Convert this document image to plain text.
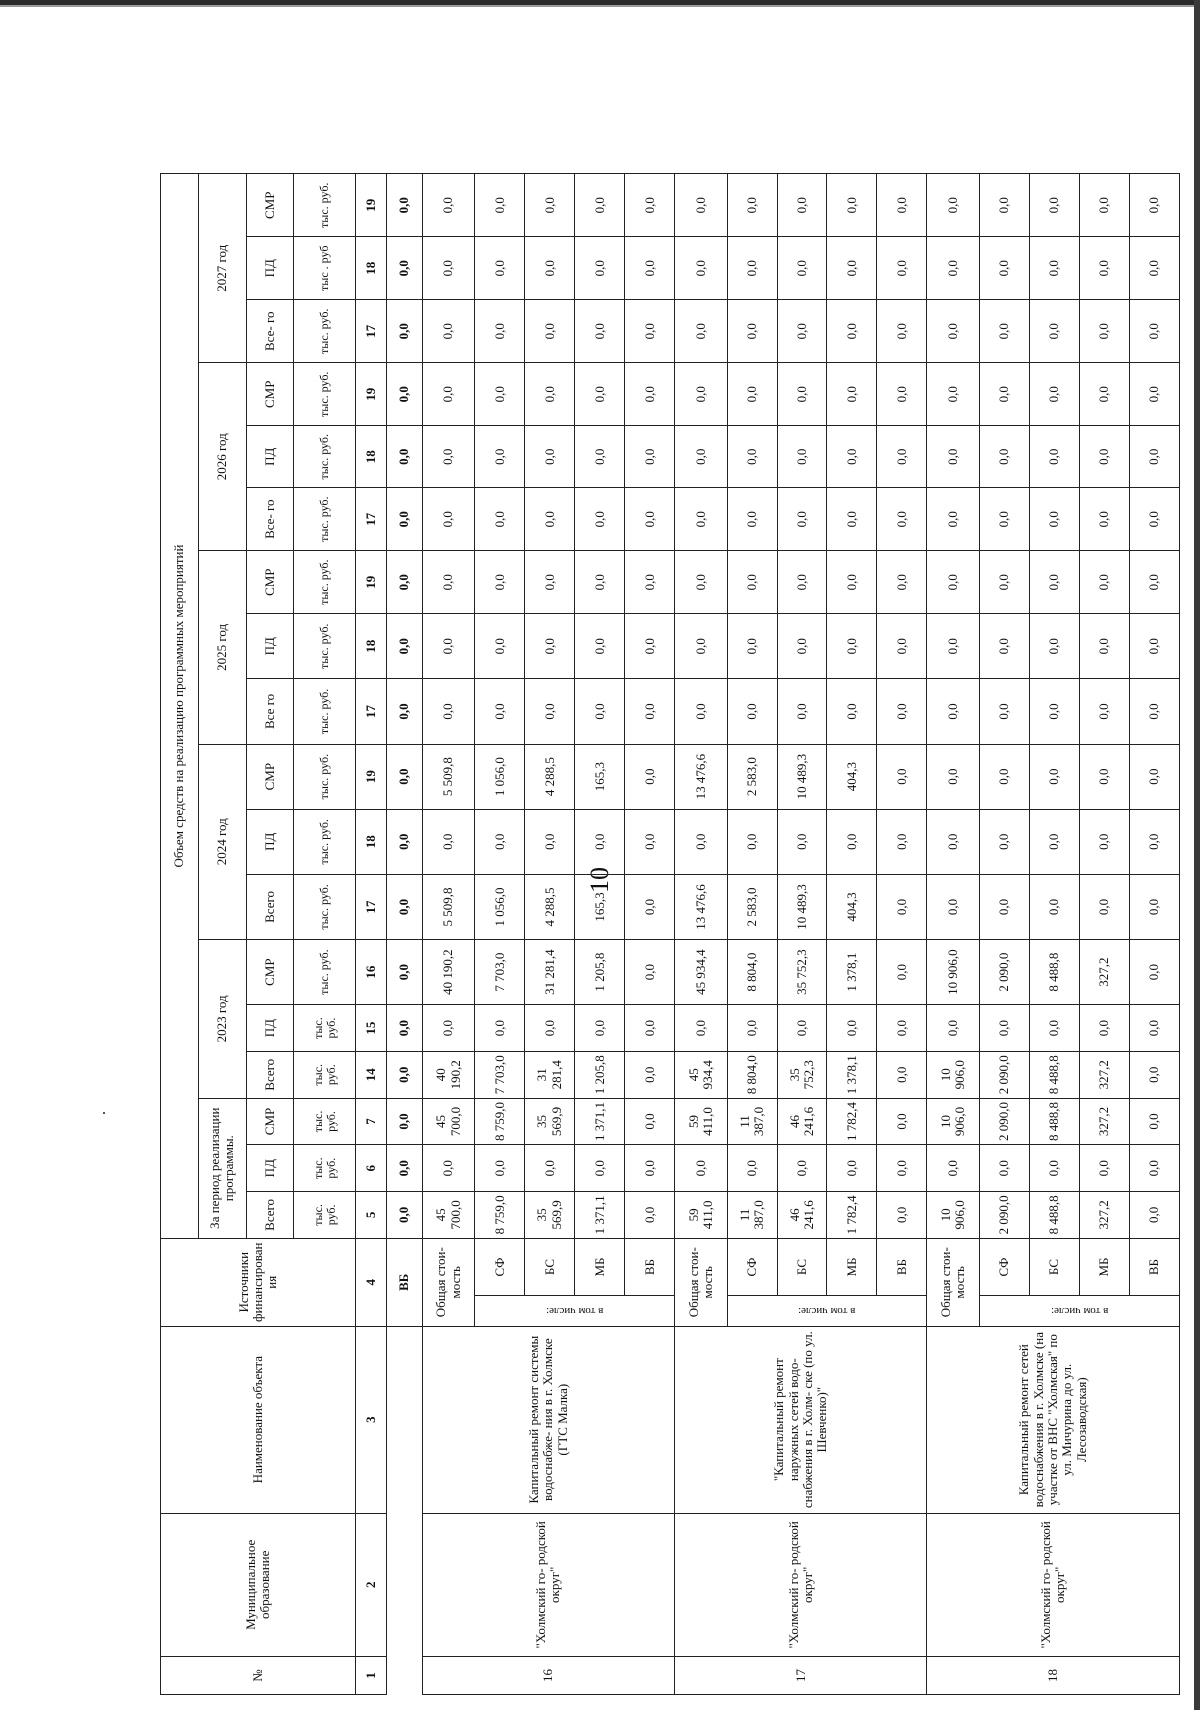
10
№	Муниципальное образование	Наименование объекта	Источники финансирования		Объем средств на реализацию программных мероприятий																	
					За период реализации программы.			2023 год			2024 год			2025 год			2026 год			2027 год		
					Всего	ПД	СМР	Всего	ПД	СМР	Всего	ПД	СМР	Все го	ПД	СМР	Все- го	ПД	СМР	Все- го	ПД	СМР
					тыс. руб.	тыс. руб.	тыс. руб.	тыс. руб.	тыс. руб.	тыс. руб.	тыс. руб.	тыс. руб.	тыс. руб.	тыс. руб.	тыс. руб.	тыс. руб.	тыс. руб.	тыс. руб.	тыс. руб.	тыс. руб.	тыс . руб	тыс. руб.
1	2	3	4		5	6	7	14	15	16	17	18	19	17	18	19	17	18	19	17	18	19
			ВБ		0,0	0,0	0,0	0,0	0,0	0,0	0,0	0,0	0,0	0,0	0,0	0,0	0,0	0,0	0,0	0,0	0,0	0,0
16	"Холмский го- родской округ"	Капитальный ремонт системы водоснабже- ния в г. Холмске (ГТС Малка)	Общая стои- мость		45 700,0	0,0	45 700,0	40 190,2	0,0	40 190,2	5 509,8	0,0	5 509,8	0,0	0,0	0,0	0,0	0,0	0,0	0,0	0,0	0,0

			в том числе:	СФ	8 759,0	0,0	8 759,0	7 703,0	0,0	7 703,0	1 056,0	0,0	1 056,0	0,0	0,0	0,0	0,0	0,0	0,0	0,0	0,0	0,0
				БС	35 569,9	0,0	35 569,9	31 281,4	0,0	31 281,4	4 288,5	0,0	4 288,5	0,0	0,0	0,0	0,0	0,0	0,0	0,0	0,0	0,0
				МБ	1 371,1	0,0	1 371,1	1 205,8	0,0	1 205,8	165,3	0,0	165,3	0,0	0,0	0,0	0,0	0,0	0,0	0,0	0,0	0,0
				ВБ	0,0	0,0	0,0	0,0	0,0	0,0	0,0	0,0	0,0	0,0	0,0	0,0	0,0	0,0	0,0	0,0	0,0	0,0
17	"Холмский го- родской округ"	"Капитальный ремонт наружных сетей водо- снабжения в г. Холм- ске (по ул. Шевченко)"	Общая стои- мость		59 411,0	0,0	59 411,0	45 934,4	0,0	45 934,4	13 476,6	0,0	13 476,6	0,0	0,0	0,0	0,0	0,0	0,0	0,0	0,0	0,0

			в том числе:	СФ	11 387,0	0,0	11 387,0	8 804,0	0,0	8 804,0	2 583,0	0,0	2 583,0	0,0	0,0	0,0	0,0	0,0	0,0	0,0	0,0	0,0
				БС	46 241,6	0,0	46 241,6	35 752,3	0,0	35 752,3	10 489,3	0,0	10 489,3	0,0	0,0	0,0	0,0	0,0	0,0	0,0	0,0	0,0
				МБ	1 782,4	0,0	1 782,4	1 378,1	0,0	1 378,1	404,3	0,0	404,3	0,0	0,0	0,0	0,0	0,0	0,0	0,0	0,0	0,0
				ВБ	0,0	0,0	0,0	0,0	0,0	0,0	0,0	0,0	0,0	0,0	0,0	0,0	0,0	0,0	0,0	0,0	0,0	0,0
18	"Холмский го- родской округ"	Капитальный ремонт сетей водоснабжения в г. Холмске (на участке от ВНС "Холмская" по ул. Мичурина до ул. Лесозаводская)	Общая стои- мость		10 906,0	0,0	10 906,0	10 906,0	0,0	10 906,0	0,0	0,0	0,0	0,0	0,0	0,0	0,0	0,0	0,0	0,0	0,0	0,0

			в том числе:	СФ	2 090,0	0,0	2 090,0	2 090,0	0,0	2 090,0	0,0	0,0	0,0	0,0	0,0	0,0	0,0	0,0	0,0	0,0	0,0	0,0
				БС	8 488,8	0,0	8 488,8	8 488,8	0,0	8 488,8	0,0	0,0	0,0	0,0	0,0	0,0	0,0	0,0	0,0	0,0	0,0	0,0
				МБ	327,2	0,0	327,2	327,2	0,0	327,2	0,0	0,0	0,0	0,0	0,0	0,0	0,0	0,0	0,0	0,0	0,0	0,0
				ВБ	0,0	0,0	0,0	0,0	0,0	0,0	0,0	0,0	0,0	0,0	0,0	0,0	0,0	0,0	0,0	0,0	0,0	0,0
